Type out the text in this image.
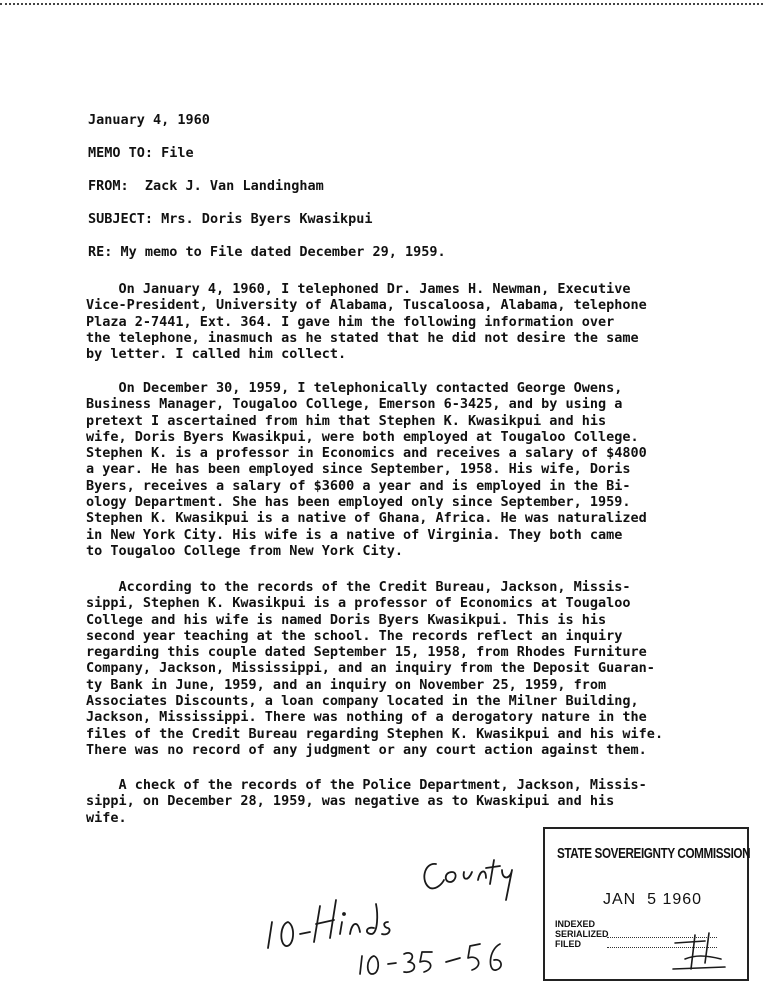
January 4, 1960
MEMO TO: File
FROM: Zack J. Van Landingham
SUBJECT: Mrs. Doris Byers Kwasikpui
RE: My memo to File dated December 29, 1959.
On January 4, 1960, I telephoned Dr. James H. Newman, Executive
Vice-President, University of Alabama, Tuscaloosa, Alabama, telephone
Plaza 2-7441, Ext. 364. I gave him the following information over
the telephone, inasmuch as he stated that he did not desire the same
by letter. I called him collect.
On December 30, 1959, I telephonically contacted George Owens,
Business Manager, Tougaloo College, Emerson 6-3425, and by using a
pretext I ascertained from him that Stephen K. Kwasikpui and his
wife, Doris Byers Kwasikpui, were both employed at Tougaloo College.
Stephen K. is a professor in Economics and receives a salary of $4800
a year. He has been employed since September, 1958. His wife, Doris
Byers, receives a salary of $3600 a year and is employed in the Bi-
ology Department. She has been employed only since September, 1959.
Stephen K. Kwasikpui is a native of Ghana, Africa. He was naturalized
in New York City. His wife is a native of Virginia. They both came
to Tougaloo College from New York City.
According to the records of the Credit Bureau, Jackson, Missis-
sippi, Stephen K. Kwasikpui is a professor of Economics at Tougaloo
College and his wife is named Doris Byers Kwasikpui. This is his
second year teaching at the school. The records reflect an inquiry
regarding this couple dated September 15, 1958, from Rhodes Furniture
Company, Jackson, Mississippi, and an inquiry from the Deposit Guaran-
ty Bank in June, 1959, and an inquiry on November 25, 1959, from
Associates Discounts, a loan company located in the Milner Building,
Jackson, Mississippi. There was nothing of a derogatory nature in the
files of the Credit Bureau regarding Stephen K. Kwasikpui and his wife.
There was no record of any judgment or any court action against them.
A check of the records of the Police Department, Jackson, Missis-
sippi, on December 28, 1959, was negative as to Kwaskipui and his
wife.
STATE SOVEREIGNTY COMMISSION
JAN  5 1960
INDEXED
SERIALIZED
FILED
